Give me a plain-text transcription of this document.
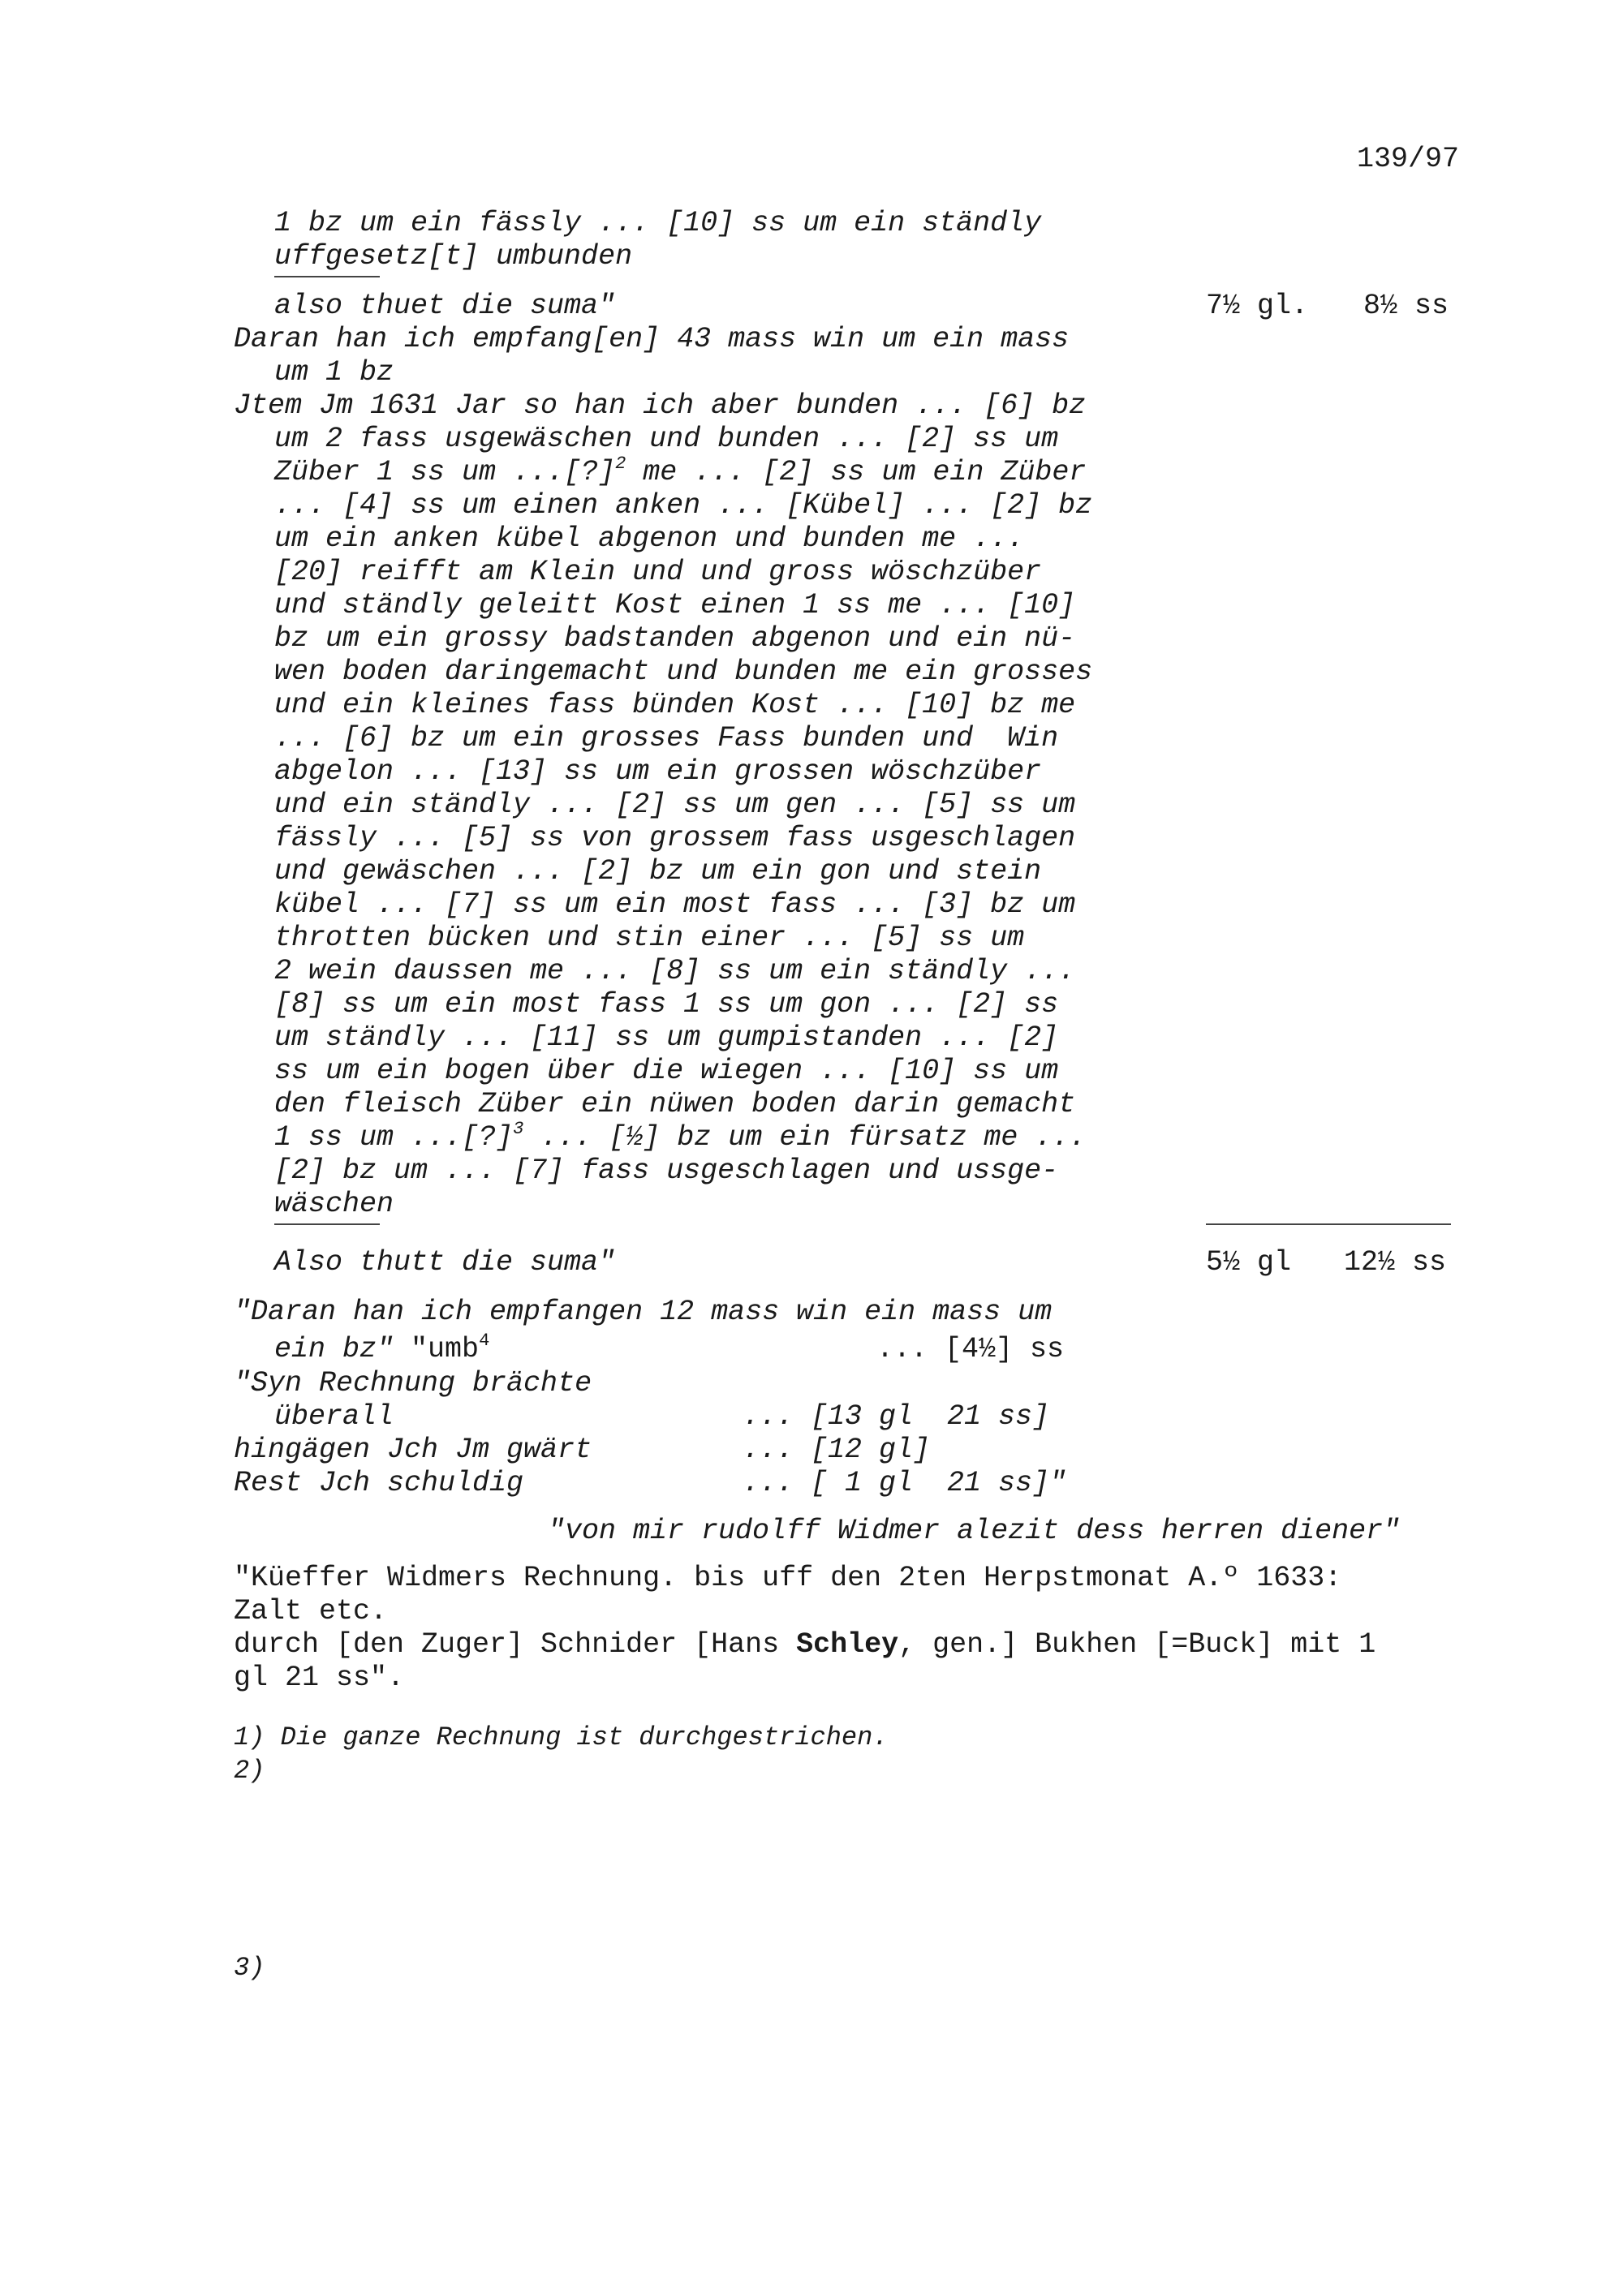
139/97
1 bz um ein fässly ... [10] ss um ein ständly
uffgesetz[t] umbunden
also thuet die suma"	7½ gl. 8½ ss
Daran han ich empfang[en] 43 mass win um ein mass
um 1 bz
Jtem Jm 1631 Jar so han ich aber bunden ... [6] bz
um 2 fass usgewäschen und bunden ... [2] ss um
Züber 1 ss um ...[?]$^2$ me ... [2] ss um ein Züber
... [4] ss um einen anken ... [Kübel] ... [2] bz
um ein anken kübel abgenon und bunden me ...
[20] reifft am Klein und und gross wöschzüber
und ständly geleitt Kost einen 1 ss me ... [10]
bz um ein grossy badstanden abgenon und ein nü-
wen boden daringemacht und bunden me ein grosses
und ein kleines fass bünden Kost ... [10] bz me
... [6] bz um ein grosses Fass bunden und  Win
abgelon ... [13] ss um ein grossen wöschzüber
und ein ständly ... [2] ss um gen ... [5] ss um
fässly ... [5] ss von grossem fass usgeschlagen
und gewäschen ... [2] bz um ein gon und stein
kübel ... [7] ss um ein most fass ... [3] bz um
throtten bücken und stin einer ... [5] ss um
2 wein daussen me ... [8] ss um ein ständly ...
[8] ss um ein most fass 1 ss um gon ... [2] ss
um ständly ... [11] ss um gumpistanden ... [2]
ss um ein bogen über die wiegen ... [10] ss um
den fleisch Züber ein nüwen boden darin gemacht
1 ss um ...[?]$^3$ ... [½] bz um ein fürsatz me ...
[2] bz um ... [7] fass usgeschlagen und ussge-
wäschen
Also thutt die suma"	5½ gl 12½ ss
"Daran han ich empfangen 12 mass win ein mass um
ein bz" "umb$^4$	... [4½] ss
"Syn Rechnung brächte
überall	... [13 gl  21 ss]
hingägen Jch Jm gwärt	... [12 gl]
Rest Jch schuldig	... [ 1 gl  21 ss]"
"von mir rudolff Widmer alezit dess herren diener"
"Küeffer Widmers Rechnung. bis uff den 2ten Herpstmonat A.º 1633:
Zalt etc.
durch [den Zuger] Schnider [Hans Schley, gen.] Bukhen [=Buck] mit 1
gl 21 ss".
1) Die ganze Rechnung ist durchgestrichen.
2)
3)
